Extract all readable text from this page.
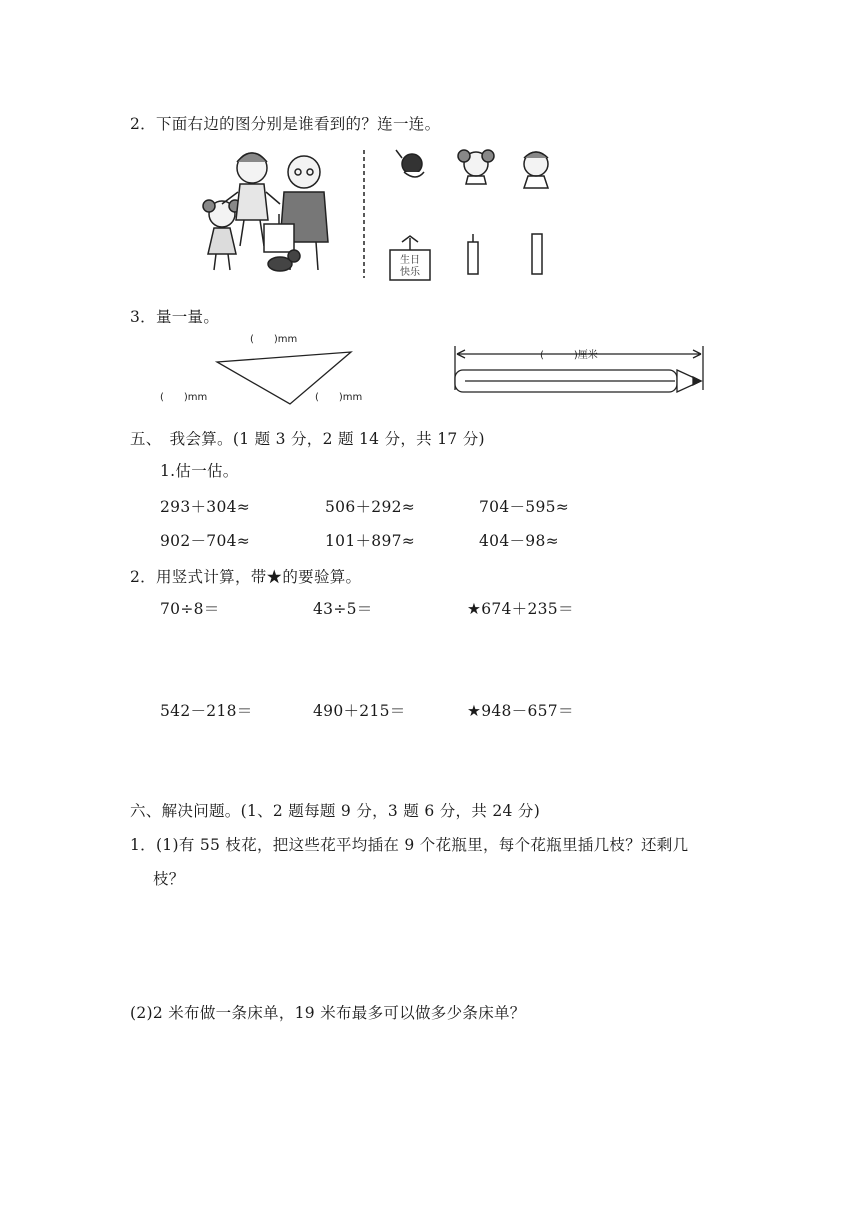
2．下面右边的图分别是谁看到的？连一连。
生日
快乐
3．量一量。
(　　)mm
(　　)mm	(　　)mm
(　　　)厘米
五、　我会算。(1 题 3 分，2 题 14 分，共 17 分)
1.估一估。
293＋304≈	506＋292≈	704－595≈
902－704≈	101＋897≈	404－98≈
2．用竖式计算，带★的要验算。
70÷8＝	43÷5＝	★674＋235＝
542－218＝	490＋215＝	★948－657＝
六、解决问题。(1、2 题每题 9 分，3 题 6 分，共 24 分)
1．(1)有 55 枝花，把这些花平均插在 9 个花瓶里，每个花瓶里插几枝？还剩几
枝？
(2)2 米布做一条床单，19 米布最多可以做多少条床单？
